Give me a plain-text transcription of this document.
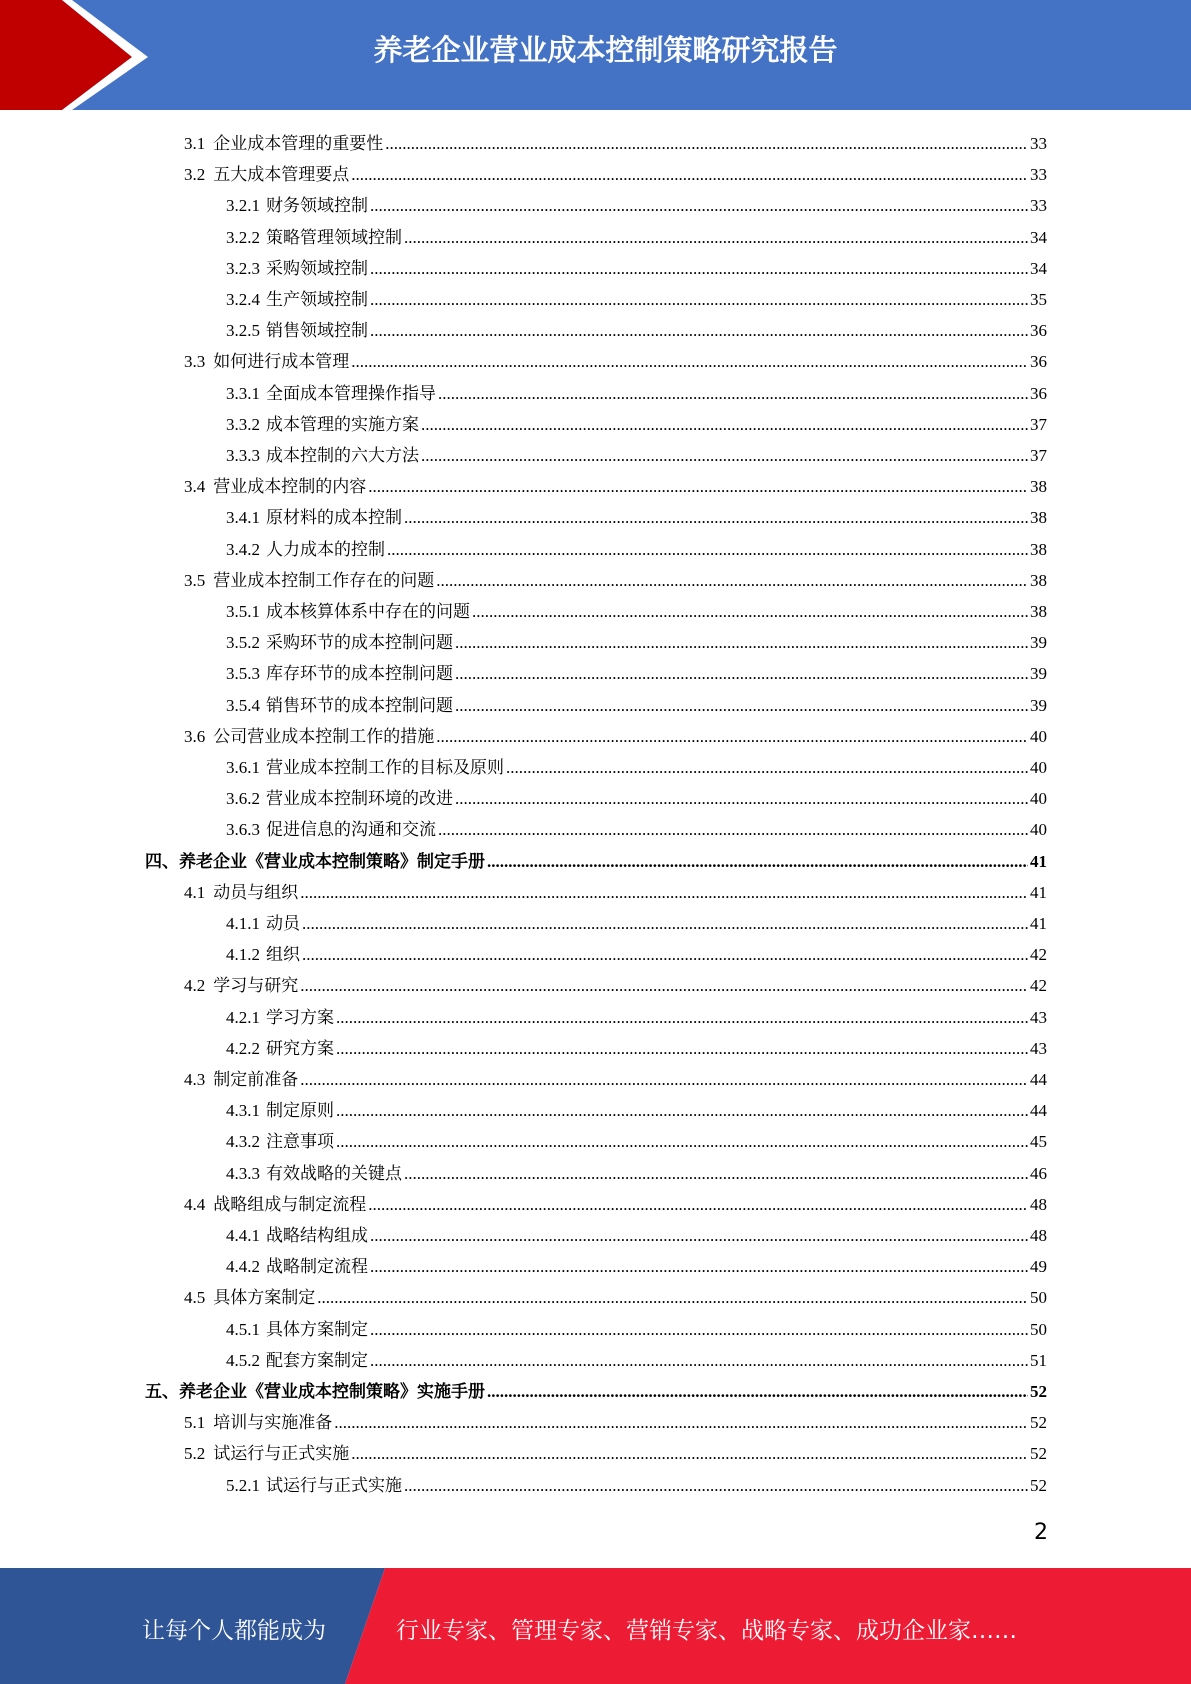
养老企业营业成本控制策略研究报告
3.1 企业成本管理的重要性 .....	33
3.2 五大成本管理要点 .....	33
3.2.1 财务领域控制 .....	33
3.2.2 策略管理领域控制 .....	34
3.2.3 采购领域控制 .....	34
3.2.4 生产领域控制 .....	35
3.2.5 销售领域控制 .....	36
3.3 如何进行成本管理 .....	36
3.3.1 全面成本管理操作指导 .....	36
3.3.2 成本管理的实施方案 .....	37
3.3.3 成本控制的六大方法 .....	37
3.4 营业成本控制的内容 .....	38
3.4.1 原材料的成本控制 .....	38
3.4.2 人力成本的控制 .....	38
3.5 营业成本控制工作存在的问题 .....	38
3.5.1 成本核算体系中存在的问题 .....	38
3.5.2 采购环节的成本控制问题 .....	39
3.5.3 库存环节的成本控制问题 .....	39
3.5.4 销售环节的成本控制问题 .....	39
3.6 公司营业成本控制工作的措施 .....	40
3.6.1 营业成本控制工作的目标及原则 .....	40
3.6.2 营业成本控制环境的改进 .....	40
3.6.3 促进信息的沟通和交流 .....	40
四、 养老企业《营业成本控制策略》制定手册 .....	41
4.1 动员与组织 .....	41
4.1.1 动员 .....	41
4.1.2 组织 .....	42
4.2 学习与研究 .....	42
4.2.1 学习方案 .....	43
4.2.2 研究方案 .....	43
4.3 制定前准备 .....	44
4.3.1 制定原则 .....	44
4.3.2 注意事项 .....	45
4.3.3 有效战略的关键点 .....	46
4.4 战略组成与制定流程 .....	48
4.4.1 战略结构组成 .....	48
4.4.2 战略制定流程 .....	49
4.5 具体方案制定 .....	50
4.5.1 具体方案制定 .....	50
4.5.2 配套方案制定 .....	51
五、 养老企业《营业成本控制策略》实施手册 .....	52
5.1 培训与实施准备 .....	52
5.2 试运行与正式实施 .....	52
5.2.1 试运行与正式实施 .....	52
2
让每个人都能成为	行业专家、管理专家、营销专家、战略专家、成功企业家……
